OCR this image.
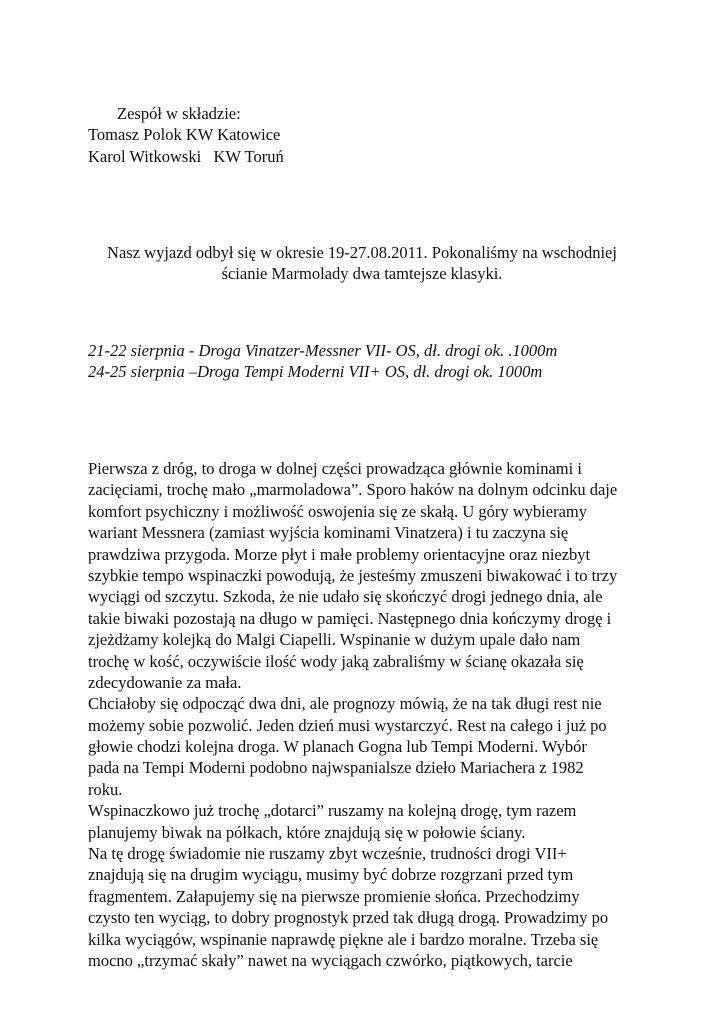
Zespół w składzie:
Tomasz Polok KW Katowice
Karol Witkowski   KW Toruń
Nasz wyjazd odbył się w okresie 19-27.08.2011. Pokonaliśmy na wschodniej
ścianie Marmolady dwa tamtejsze klasyki.
21-22 sierpnia - Droga Vinatzer-Messner VII- OS, dł. drogi ok. .1000m
24-25 sierpnia –Droga Tempi Moderni VII+ OS, dł. drogi ok. 1000m
Pierwsza z dróg, to droga w dolnej części prowadząca głównie kominami i
zacięciami, trochę mało „marmoladowa”. Sporo haków na dolnym odcinku daje
komfort psychiczny i możliwość oswojenia się ze skałą. U góry wybieramy
wariant Messnera (zamiast wyjścia kominami Vinatzera) i tu zaczyna się
prawdziwa przygoda. Morze płyt i małe problemy orientacyjne oraz niezbyt
szybkie tempo wspinaczki powodują, że jesteśmy zmuszeni biwakować i to trzy
wyciągi od szczytu. Szkoda, że nie udało się skończyć drogi jednego dnia, ale
takie biwaki pozostają na długo w pamięci. Następnego dnia kończymy drogę i
zjeżdżamy kolejką do Malgi Ciapelli. Wspinanie w dużym upale dało nam
trochę w kość, oczywiście ilość wody jaką zabraliśmy w ścianę okazała się
zdecydowanie za mała.
Chciałoby się odpocząć dwa dni, ale prognozy mówią, że na tak długi rest nie
możemy sobie pozwolić. Jeden dzień musi wystarczyć. Rest na całego i już po
głowie chodzi kolejna droga. W planach Gogna lub Tempi Moderni. Wybór
pada na Tempi Moderni podobno najwspanialsze dzieło Mariachera z 1982
roku.
Wspinaczkowo już trochę „dotarci” ruszamy na kolejną drogę, tym razem
planujemy biwak na półkach, które znajdują się w połowie ściany.
Na tę drogę świadomie nie ruszamy zbyt wcześnie, trudności drogi VII+
znajdują się na drugim wyciągu, musimy być dobrze rozgrzani przed tym
fragmentem. Załapujemy się na pierwsze promienie słońca. Przechodzimy
czysto ten wyciąg, to dobry prognostyk przed tak długą drogą. Prowadzimy po
kilka wyciągów, wspinanie naprawdę piękne ale i bardzo moralne. Trzeba się
mocno „trzymać skały” nawet na wyciągach czwórko, piątkowych, tarcie
